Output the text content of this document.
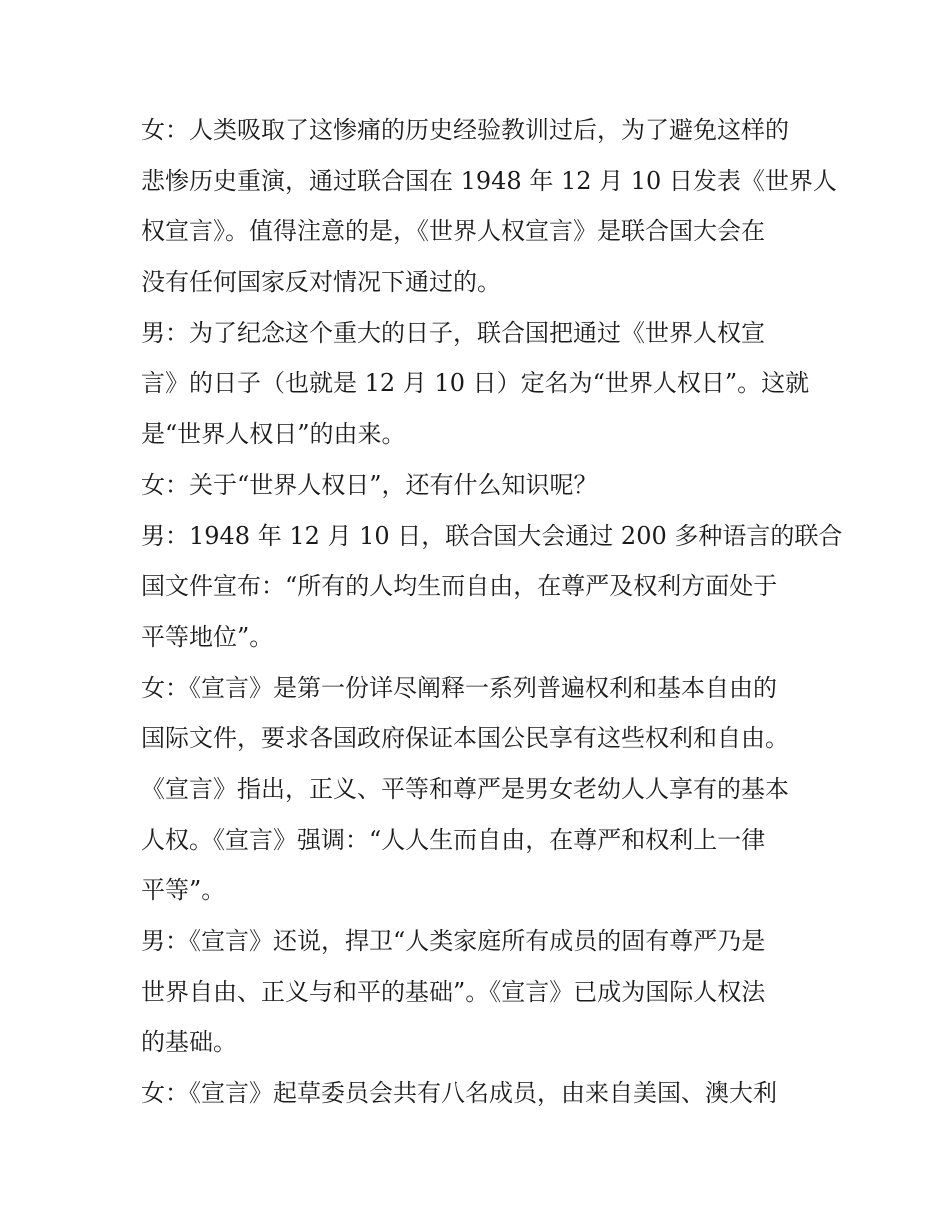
女：人类吸取了这惨痛的历史经验教训过后，为了避免这样的
悲惨历史重演，通过联合国在 1948 年 12 月 10 日发表《世界人
权宣言》。值得注意的是，《世界人权宣言》是联合国大会在
没有任何国家反对情况下通过的。
男：为了纪念这个重大的日子，联合国把通过《世界人权宣
言》的日子（也就是 12 月 10 日）定名为“世界人权日”。这就
是“世界人权日”的由来。
女：关于“世界人权日”，还有什么知识呢？
男：1948 年 12 月 10 日，联合国大会通过 200 多种语言的联合
国文件宣布：“所有的人均生而自由，在尊严及权利方面处于
平等地位”。
女：《宣言》是第一份详尽阐释一系列普遍权利和基本自由的
国际文件，要求各国政府保证本国公民享有这些权利和自由。
《宣言》指出，正义、平等和尊严是男女老幼人人享有的基本
人权。《宣言》强调：“人人生而自由，在尊严和权利上一律
平等”。
男：《宣言》还说，捍卫“人类家庭所有成员的固有尊严乃是
世界自由、正义与和平的基础”。《宣言》已成为国际人权法
的基础。
女：《宣言》起草委员会共有八名成员，由来自美国、澳大利
